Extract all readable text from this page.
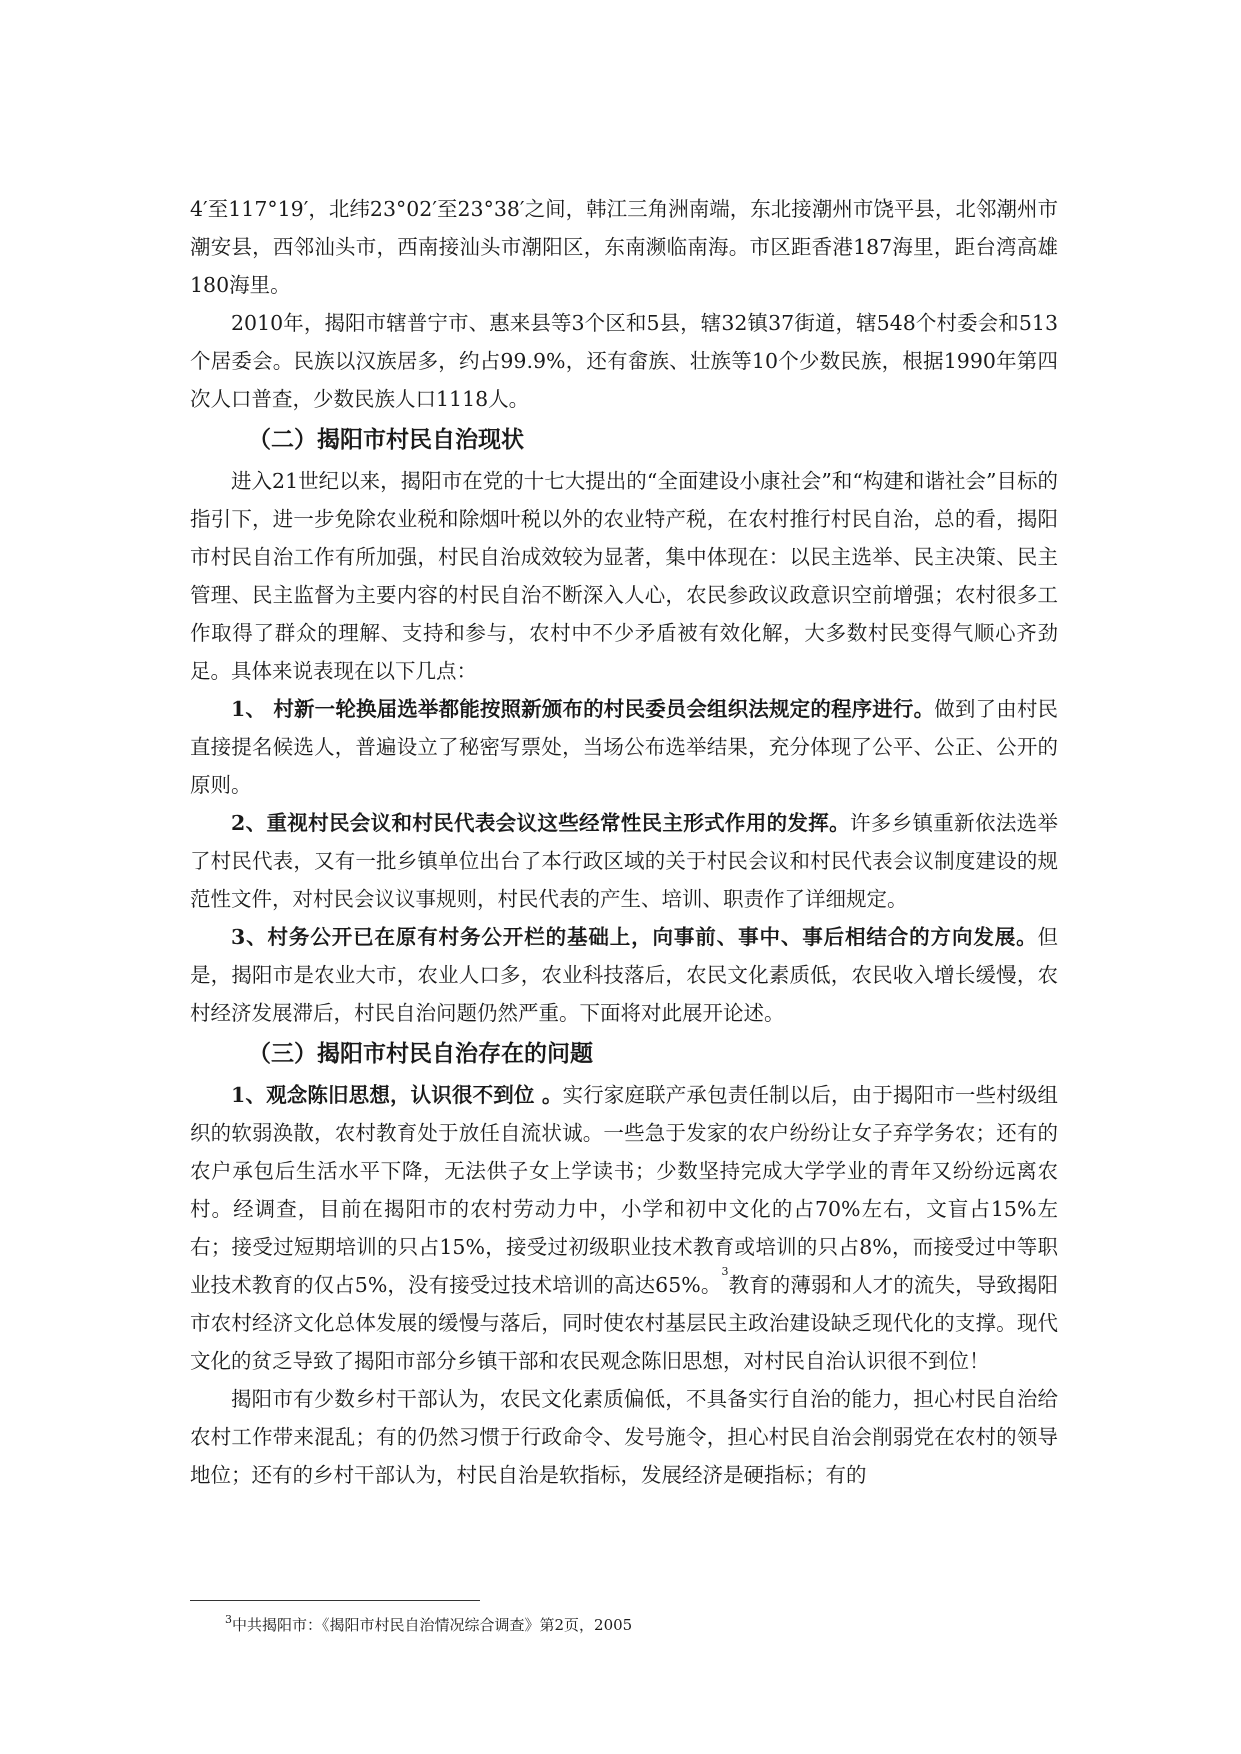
4′至117°19′，北纬23°02′至23°38′之间，韩江三角洲南端，东北接潮州市饶平县，北邻潮州市潮安县，西邻汕头市，西南接汕头市潮阳区，东南濒临南海。市区距香港187海里，距台湾高雄180海里。

2010年，揭阳市辖普宁市、惠来县等3个区和5县，辖32镇37街道，辖548个村委会和513个居委会。民族以汉族居多，约占99.9%，还有畲族、壮族等10个少数民族，根据1990年第四次人口普查，少数民族人口1118人。

（二）揭阳市村民自治现状

进入21世纪以来，揭阳市在党的十七大提出的“全面建设小康社会”和“构建和谐社会”目标的指引下，进一步免除农业税和除烟叶税以外的农业特产税，在农村推行村民自治，总的看，揭阳市村民自治工作有所加强，村民自治成效较为显著，集中体现在：以民主选举、民主决策、民主管理、民主监督为主要内容的村民自治不断深入人心，农民参政议政意识空前增强；农村很多工作取得了群众的理解、支持和参与，农村中不少矛盾被有效化解，大多数村民变得气顺心齐劲足。具体来说表现在以下几点：

1、 村新一轮换届选举都能按照新颁布的村民委员会组织法规定的程序进行。做到了由村民直接提名候选人，普遍设立了秘密写票处，当场公布选举结果，充分体现了公平、公正、公开的原则。

2、重视村民会议和村民代表会议这些经常性民主形式作用的发挥。许多乡镇重新依法选举了村民代表，又有一批乡镇单位出台了本行政区域的关于村民会议和村民代表会议制度建设的规范性文件，对村民会议议事规则，村民代表的产生、培训、职责作了详细规定。

3、村务公开已在原有村务公开栏的基础上，向事前、事中、事后相结合的方向发展。但是，揭阳市是农业大市，农业人口多，农业科技落后，农民文化素质低，农民收入增长缓慢，农村经济发展滞后，村民自治问题仍然严重。下面将对此展开论述。

（三）揭阳市村民自治存在的问题

1、观念陈旧思想，认识很不到位 。实行家庭联产承包责任制以后，由于揭阳市一些村级组织的软弱涣散，农村教育处于放任自流状诚。一些急于发家的农户纷纷让女子弃学务农；还有的农户承包后生活水平下降，无法供子女上学读书；少数坚持完成大学学业的青年又纷纷远离农村。经调查，目前在揭阳市的农村劳动力中，小学和初中文化的占70%左右，文盲占15%左右；接受过短期培训的只占15%，接受过初级职业技术教育或培训的只占8%，而接受过中等职业技术教育的仅占5%，没有接受过技术培训的高达65%。$^3$教育的薄弱和人才的流失，导致揭阳市农村经济文化总体发展的缓慢与落后，同时使农村基层民主政治建设缺乏现代化的支撑。现代文化的贫乏导致了揭阳市部分乡镇干部和农民观念陈旧思想，对村民自治认识很不到位！

揭阳市有少数乡村干部认为，农民文化素质偏低，不具备实行自治的能力，担心村民自治给农村工作带来混乱；有的仍然习惯于行政命令、发号施令，担心村民自治会削弱党在农村的领导地位；还有的乡村干部认为，村民自治是软指标，发展经济是硬指标；有的

$^3$中共揭阳市：《揭阳市村民自治情况综合调查》第2页，2005
